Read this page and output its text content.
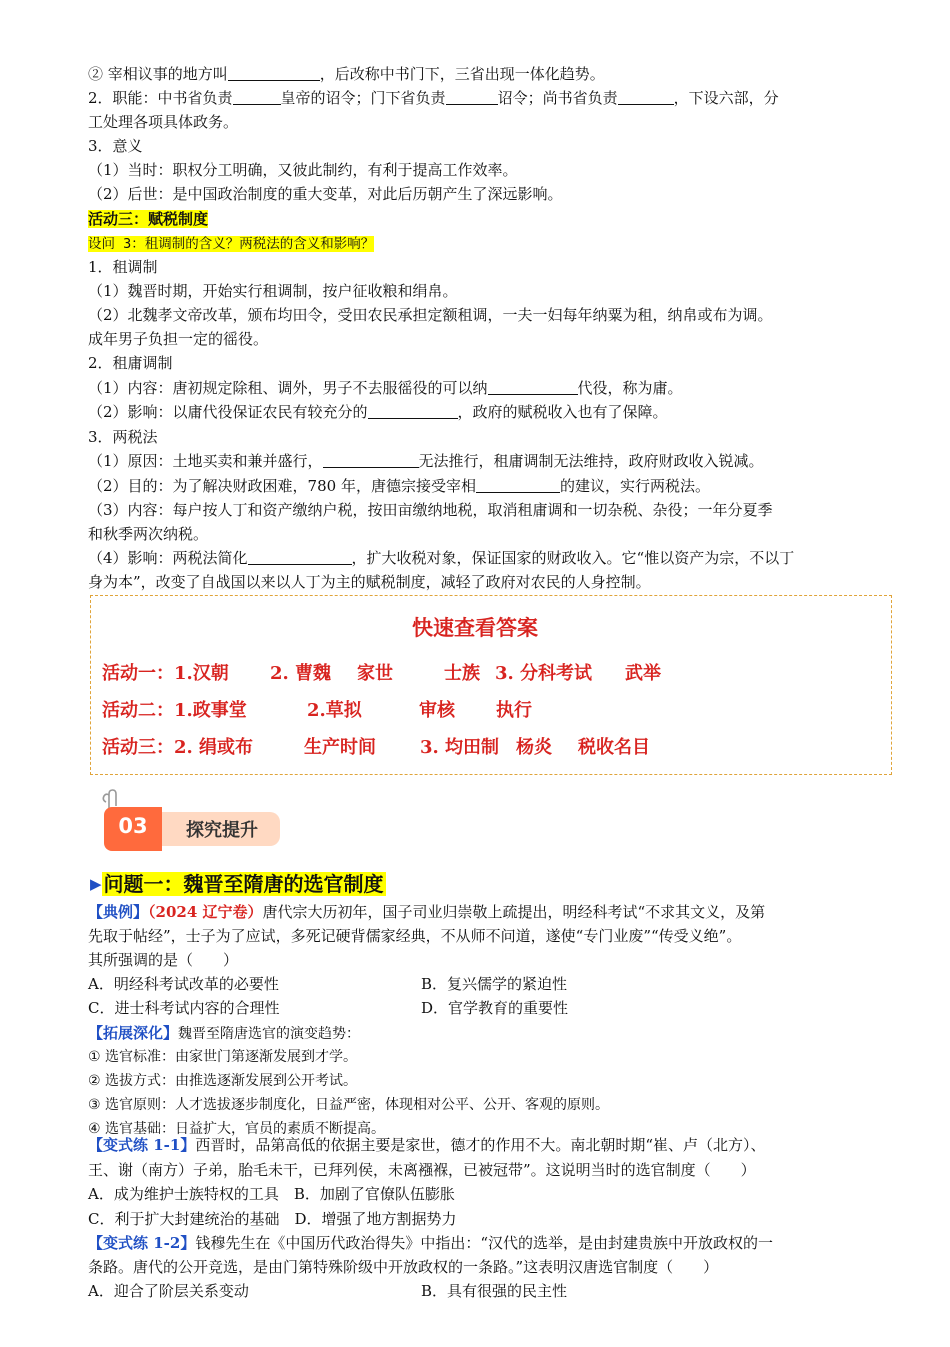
② 宰相议事的地方叫	，后改称中书门下，三省出现一体化趋势。
2．职能：中书省负责	皇帝的诏令；门下省负责	诏令；尚书省负责	，下设六部，分
工处理各项具体政务。
3．意义
（1）当时：职权分工明确，又彼此制约，有利于提高工作效率。
（2）后世：是中国政治制度的重大变革，对此后历朝产生了深远影响。
活动三：赋税制度
设问 3：租调制的含义？两税法的含义和影响？
1．租调制
（1）魏晋时期，开始实行租调制，按户征收粮和绢帛。
（2）北魏孝文帝改革，颁布均田令，受田农民承担定额租调，一夫一妇每年纳粟为租，纳帛或布为调。
成年男子负担一定的徭役。
2．租庸调制
（1）内容：唐初规定除租、调外，男子不去服徭役的可以纳	代役，称为庸。
（2）影响：以庸代役保证农民有较充分的	，政府的赋税收入也有了保障。
3．两税法
（1）原因：土地买卖和兼并盛行，	无法推行，租庸调制无法维持，政府财政收入锐减。
（2）目的：为了解决财政困难，780 年，唐德宗接受宰相	的建议，实行两税法。
（3）内容：每户按人丁和资产缴纳户税，按田亩缴纳地税，取消租庸调和一切杂税、杂役；一年分夏季
和秋季两次纳税。
（4）影响：两税法简化	，扩大收税对象，保证国家的财政收入。它“惟以资产为宗，不以丁
身为本”，改变了自战国以来以人丁为主的赋税制度，减轻了政府对农民的人身控制。
快速查看答案
活动一：1.汉朝 2. 曹魏 家世	士族 3. 分科考试 武举
活动二：1.政事堂	2.草拟	审核 执行
活动三：2. 绢或布	生产时间 3. 均田制 杨炎 税收名目
03	探究提升
▶ 问题一：魏晋至隋唐的选官制度
【典例】（2024 辽宁卷）唐代宗大历初年，国子司业归崇敬上疏提出，明经科考试“不求其文义，及第
先取于帖经”，士子为了应试，多死记硬背儒家经典，不从师不问道，遂使“专门业废”“传受义绝”。
其所强调的是（　　）
A．明经科考试改革的必要性	B．复兴儒学的紧迫性
C．进士科考试内容的合理性	D．官学教育的重要性
【拓展深化】魏晋至隋唐选官的演变趋势：
① 选官标准：由家世门第逐渐发展到才学。
② 选拔方式：由推选逐渐发展到公开考试。
③ 选官原则：人才选拔逐步制度化，日益严密，体现相对公平、公开、客观的原则。
④ 选官基础：日益扩大，官员的素质不断提高。
【变式练 1-1】西晋时，品第高低的依据主要是家世，德才的作用不大。南北朝时期“崔、卢（北方）、
王、谢（南方）子弟，胎毛未干，已拜列侯，未离襁褓，已被冠带”。这说明当时的选官制度（　　）
A．成为维护士族特权的工具　B．加剧了官僚队伍膨胀
C．利于扩大封建统治的基础　D．增强了地方割据势力
【变式练 1-2】钱穆先生在《中国历代政治得失》中指出：“汉代的选举，是由封建贵族中开放政权的一
条路。唐代的公开竞选，是由门第特殊阶级中开放政权的一条路。”这表明汉唐选官制度（　　）
A．迎合了阶层关系变动	B．具有很强的民主性
